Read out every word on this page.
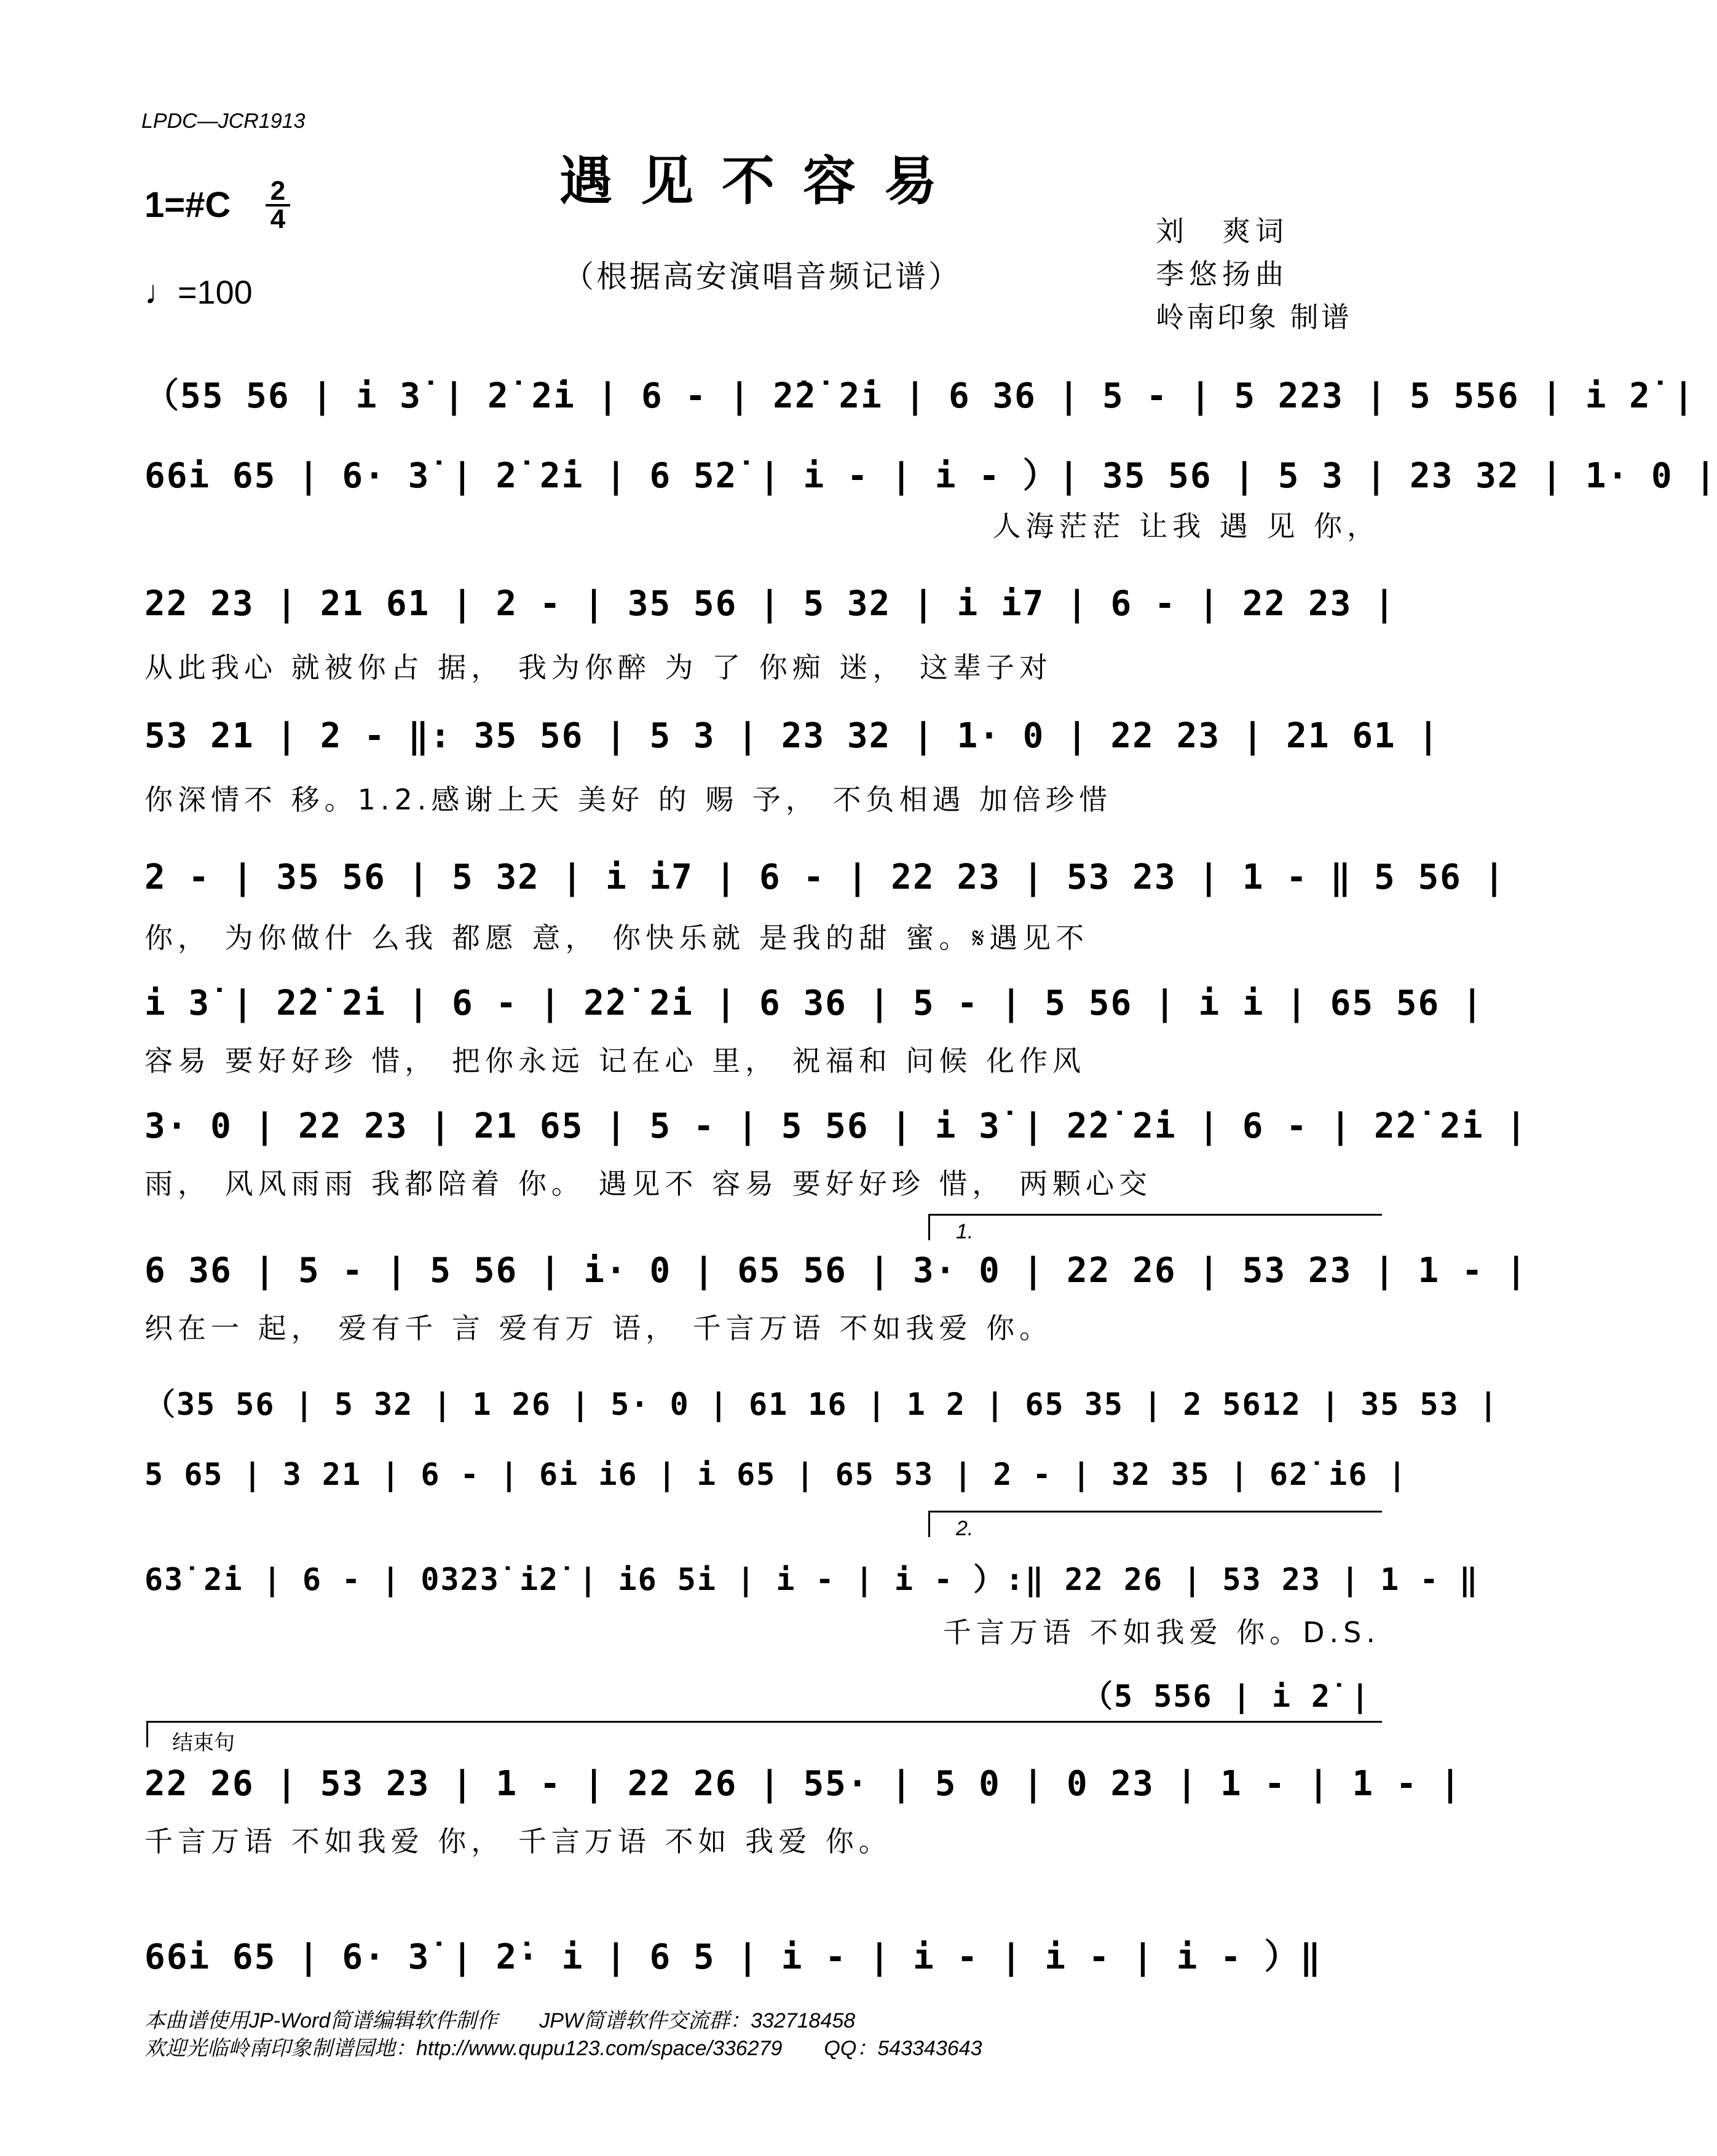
LPDC—JCR1913
遇见不容易
1=#C 2
4
♩=100	（根据高安演唱音频记谱）
刘　爽词
李悠扬曲
岭南印象 制谱
（55 56 | i 3̇ | 2̇ 2̇i | 6 - | 2̇2̇ 2̇i | 6 36 | 5 - | 5 223 | 5 556 | i 2̇ |
66i 65 | 6· 3̇ | 2̇ 2̇i | 6 52̇ | i - | i - ）| 35 56 | 5 3 | 23 32 | 1· 0 |
人海茫茫 让我 遇 见 你，
22 23 | 21 61 | 2 - | 35 56 | 5 32 | i i7 | 6 - | 22 23 |
从此我心 就被你占 据， 我为你醉 为 了 你痴 迷， 这辈子对
53 21 | 2 - ‖: 35 56 | 5 3 | 23 32 | 1· 0 | 22 23 | 21 61 |
你深情不 移。1.2.感谢上天 美好 的 赐 予， 不负相遇 加倍珍惜
2 - | 35 56 | 5 32 | i i7 | 6 - | 22 23 | 53 23 | 1 - ‖ 5 56 |
你， 为你做什 么我 都愿 意， 你快乐就 是我的甜 蜜。𝄋遇见不
i 3̇ | 2̇2̇ 2̇i | 6 - | 2̇2̇ 2̇i | 6 36 | 5 - | 5 56 | i i | 65 56 |
容易 要好好珍 惜， 把你永远 记在心 里， 祝福和 问候 化作风
3· 0 | 22 23 | 21 65 | 5 - | 5 56 | i 3̇ | 2̇2̇ 2̇i | 6 - | 2̇2̇ 2̇i |
雨， 风风雨雨 我都陪着 你。 遇见不 容易 要好好珍 惜， 两颗心交
1.
6 36 | 5 - | 5 56 | i· 0 | 65 56 | 3· 0 | 22 26 | 53 23 | 1 - |
织在一 起， 爱有千 言 爱有万 语， 千言万语 不如我爱 你。
（35 56 | 5 32 | 1 26 | 5· 0 | 61 16 | 1 2 | 65 35 | 2 5612 | 35 53 |
5 65 | 3 21 | 6 - | 6i i6 | i 65 | 65 53 | 2 - | 32 35 | 62̇ i6 |
2.
63̇ 2̇i | 6 - | 0323̇ i2̇ | i6 5i | i - | i - ）:‖ 22 26 | 53 23 | 1 - ‖
千言万语 不如我爱 你。D.S.
（5 556 | i 2̇ |
结束句
22 26 | 53 23 | 1 - | 22 26 | 55· | 5 0 | 0 23 | 1 - | 1 - |
千言万语 不如我爱 你， 千言万语 不如 我爱 你。
66i 65 | 6· 3̇ | 2̇· i | 6 5 | i - | i - | i - | i - ）‖
本曲谱使用JP-Word简谱编辑软件制作　　JPW简谱软件交流群：332718458
欢迎光临岭南印象制谱园地：http://www.qupu123.com/space/336279　　QQ：543343643
